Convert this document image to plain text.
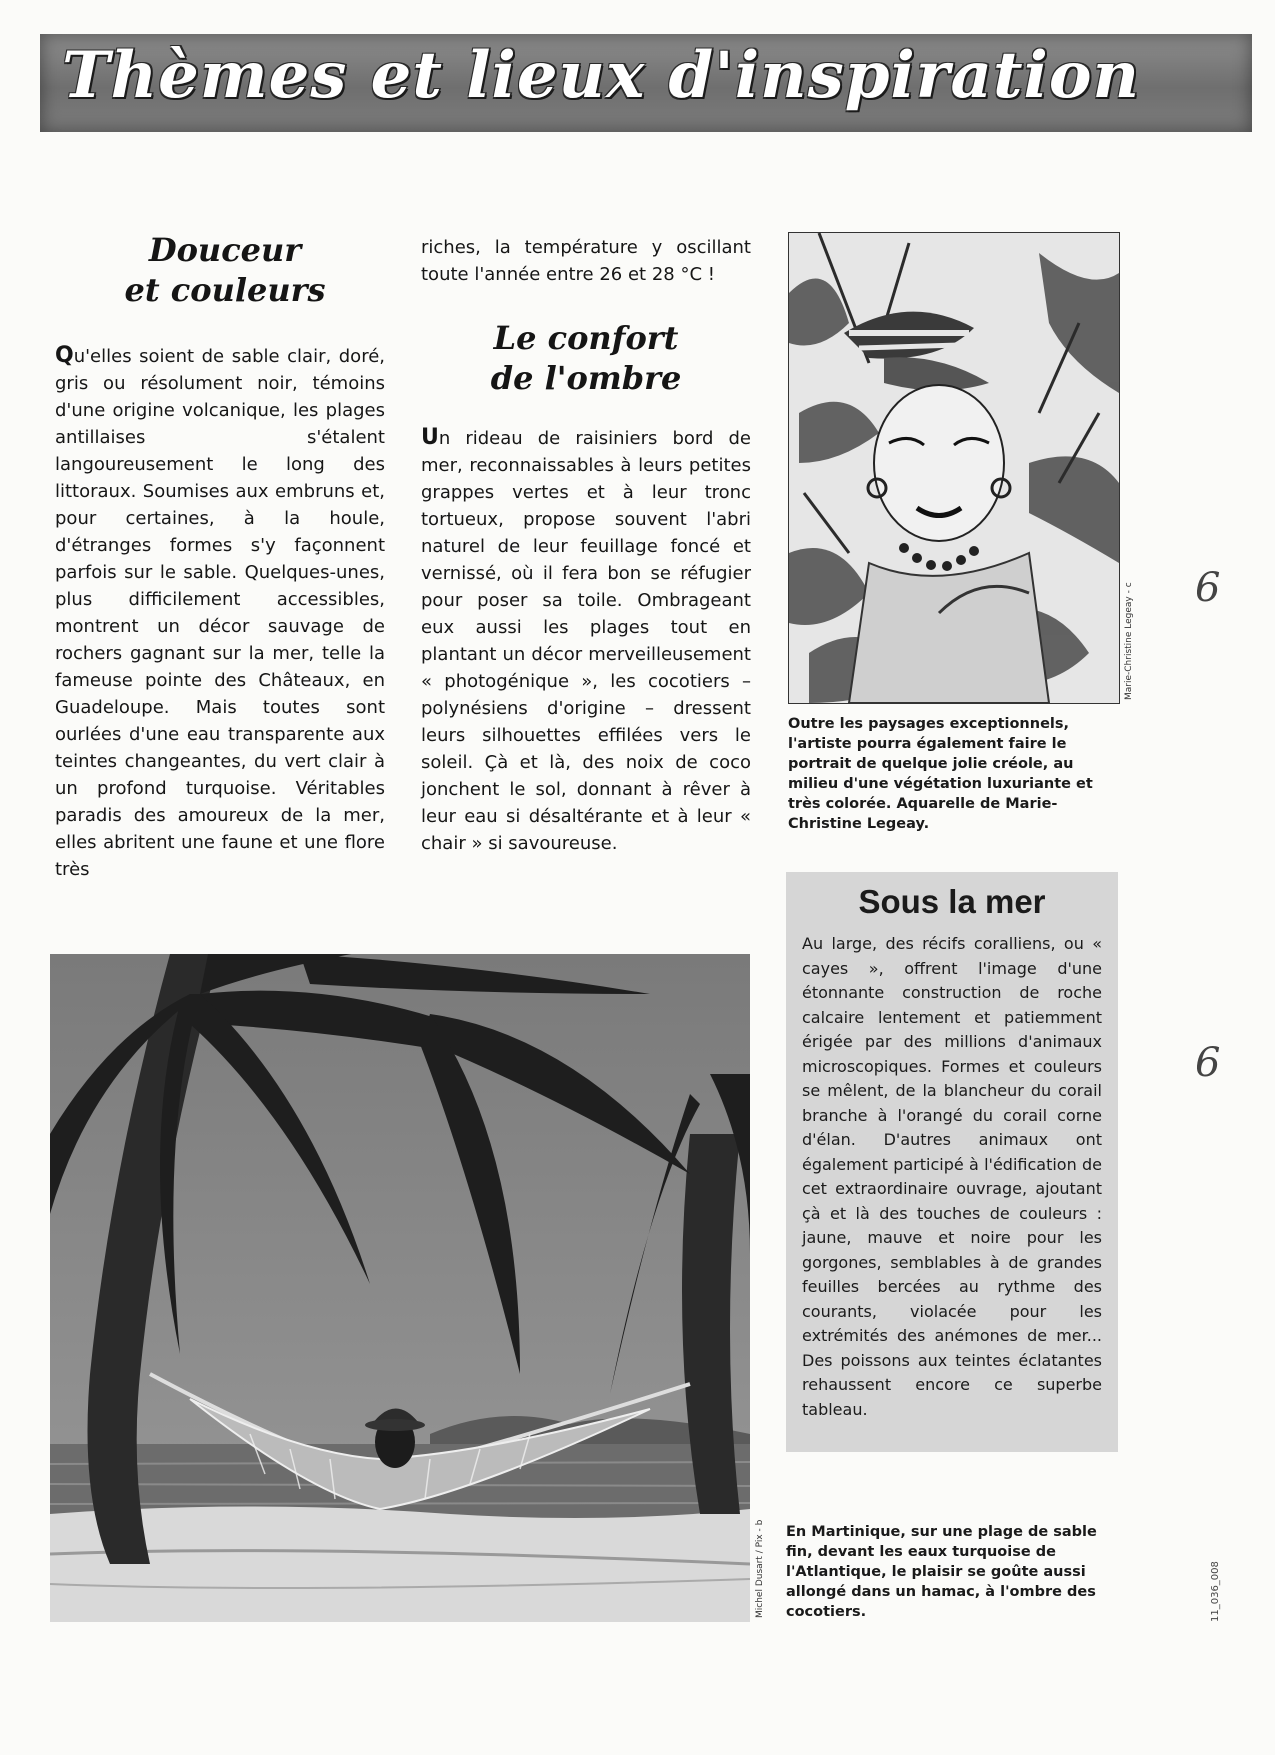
Thèmes et lieux d'inspiration
Douceur
et couleurs

Qu'elles soient de sable clair, doré, gris ou résolument noir, témoins d'une origine volcanique, les plages antillaises s'étalent langoureusement le long des littoraux. Soumises aux embruns et, pour certaines, à la houle, d'étranges formes s'y façonnent parfois sur le sable. Quelques-unes, plus difficilement accessibles, montrent un décor sauvage de rochers gagnant sur la mer, telle la fameuse pointe des Châteaux, en Guadeloupe. Mais toutes sont ourlées d'une eau transparente aux teintes changeantes, du vert clair à un profond turquoise. Véritables paradis des amoureux de la mer, elles abritent une faune et une flore très

riches, la température y oscillant toute l'année entre 26 et 28 °C !

Le confort
de l'ombre

Un rideau de raisiniers bord de mer, reconnaissables à leurs petites grappes vertes et à leur tronc tortueux, propose souvent l'abri naturel de leur feuillage foncé et vernissé, où il fera bon se réfugier pour poser sa toile. Ombrageant eux aussi les plages tout en plantant un décor merveilleusement « photogénique », les cocotiers – polynésiens d'origine – dressent leurs silhouettes effilées vers le soleil. Çà et là, des noix de coco jonchent le sol, donnant à rêver à leur eau si désaltérante et à leur « chair » si savoureuse.

Marie-Christine Legeay - c

Outre les paysages exceptionnels, l'artiste pourra également faire le portrait de quelque jolie créole, au milieu d'une végétation luxuriante et très colorée. Aquarelle de Marie-Christine Legeay.

Sous la mer

Au large, des récifs coralliens, ou « cayes », offrent l'image d'une étonnante construction de roche calcaire lentement et patiemment érigée par des millions d'animaux microscopiques. Formes et couleurs se mêlent, de la blancheur du corail branche à l'orangé du corail corne d'élan. D'autres animaux ont également participé à l'édification de cet extraordinaire ouvrage, ajoutant çà et là des touches de couleurs : jaune, mauve et noire pour les gorgones, semblables à de grandes feuilles bercées au rythme des courants, violacée pour les extrémités des anémones de mer... Des poissons aux teintes éclatantes rehaussent encore ce superbe tableau.

Michel Dusart / Pix - b En Martinique, sur une plage de sable fin, devant les eaux turquoise de l'Atlantique, le plaisir se goûte aussi allongé dans un hamac, à l'ombre des cocotiers.

6
6
11_036_008
